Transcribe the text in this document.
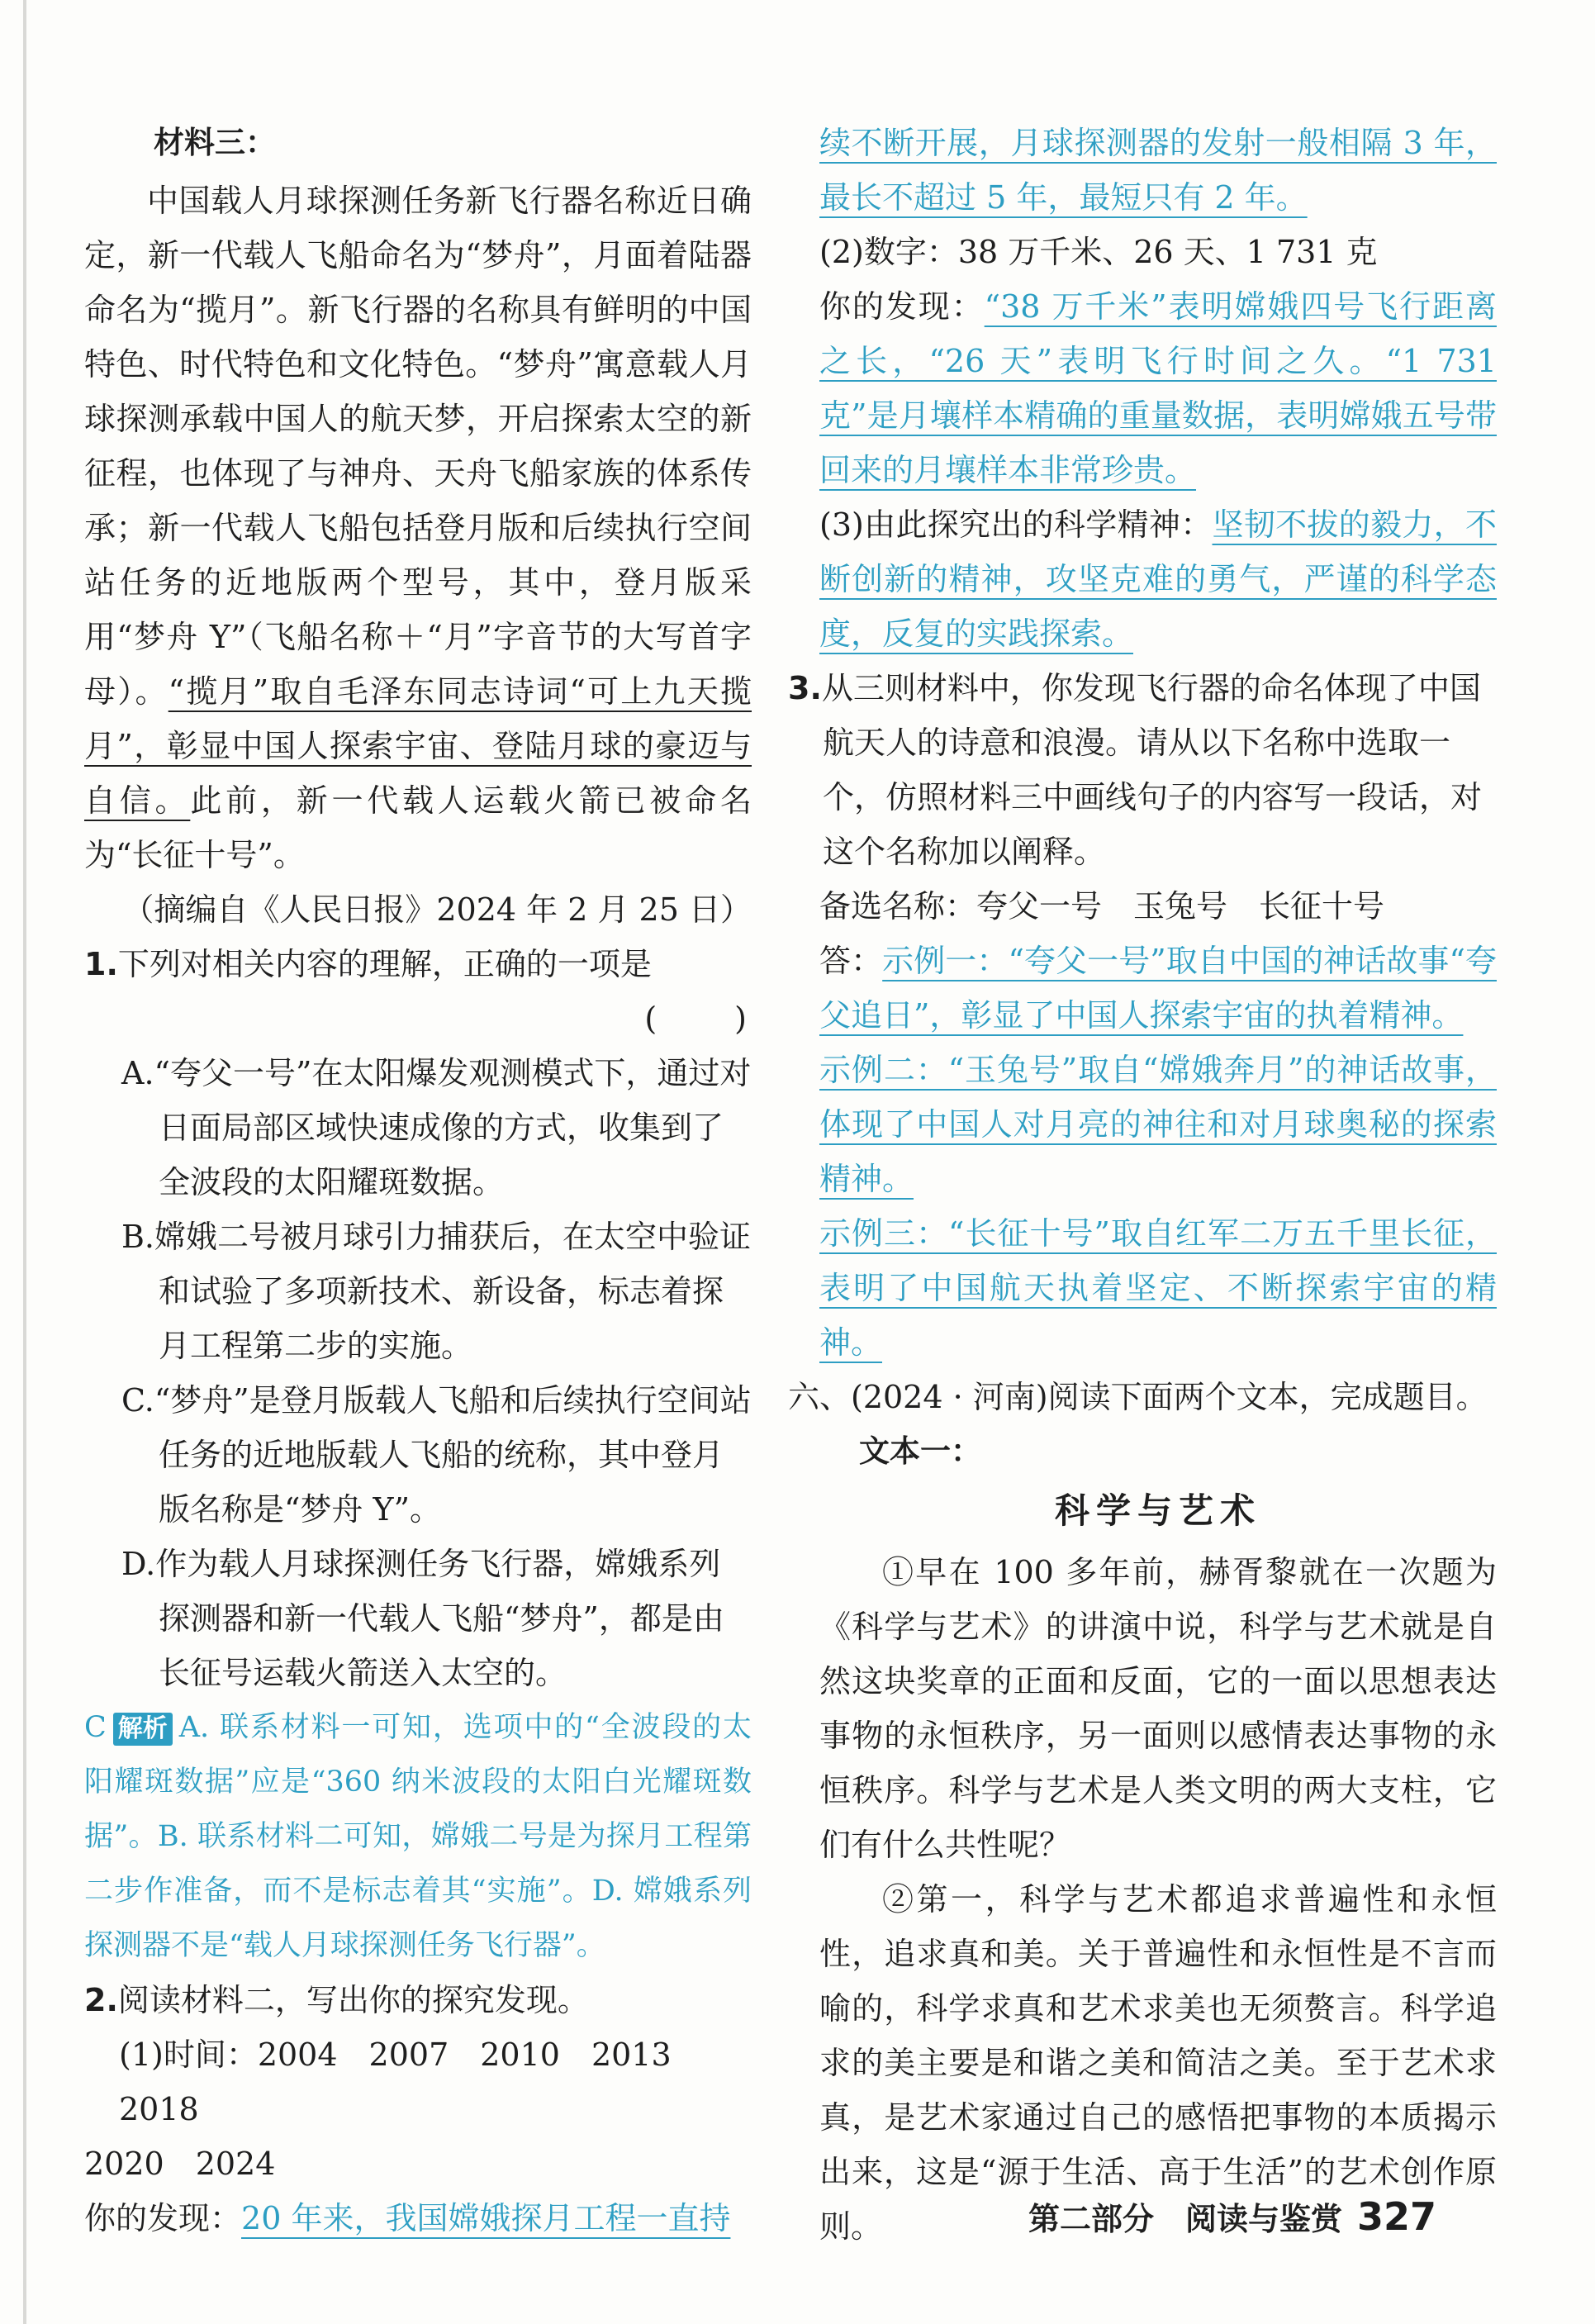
材料三：

中国载人月球探测任务新飞行器名称近日确定，新一代载人飞船命名为“梦舟”，月面着陆器命名为“揽月”。新飞行器的名称具有鲜明的中国特色、时代特色和文化特色。“梦舟”寓意载人月球探测承载中国人的航天梦，开启探索太空的新征程，也体现了与神舟、天舟飞船家族的体系传承；新一代载人飞船包括登月版和后续执行空间站任务的近地版两个型号，其中，登月版采用“梦舟 Y”（飞船名称＋“月”字音节的大写首字母）。“揽月”取自毛泽东同志诗词“可上九天揽月”，彰显中国人探索宇宙、登陆月球的豪迈与自信。此前，新一代载人运载火箭已被命名为“长征十号”。

（摘编自《人民日报》2024 年 2 月 25 日）

1.下列对相关内容的理解，正确的一项是

(　　)

A.“夸父一号”在太阳爆发观测模式下，通过对日面局部区域快速成像的方式，收集到了全波段的太阳耀斑数据。

B.嫦娥二号被月球引力捕获后，在太空中验证和试验了多项新技术、新设备，标志着探月工程第二步的实施。

C.“梦舟”是登月版载人飞船和后续执行空间站任务的近地版载人飞船的统称，其中登月版名称是“梦舟 Y”。

D.作为载人月球探测任务飞行器，嫦娥系列探测器和新一代载人飞船“梦舟”，都是由长征号运载火箭送入太空的。

C 解析 A. 联系材料一可知，选项中的“全波段的太阳耀斑数据”应是“360 纳米波段的太阳白光耀斑数据”。B. 联系材料二可知，嫦娥二号是为探月工程第二步作准备，而不是标志着其“实施”。D. 嫦娥系列探测器不是“载人月球探测任务飞行器”。

2.阅读材料二，写出你的探究发现。

(1)时间：2004　2007　2010　2013　2018

2020　2024

你的发现：20 年来，我国嫦娥探月工程一直持

续不断开展，月球探测器的发射一般相隔 3 年，最长不超过 5 年，最短只有 2 年。

(2)数字：38 万千米、26 天、1 731 克

你的发现：“38 万千米”表明嫦娥四号飞行距离之长，“26 天”表明飞行时间之久。“1 731 克”是月壤样本精确的重量数据，表明嫦娥五号带回来的月壤样本非常珍贵。

(3)由此探究出的科学精神：坚韧不拔的毅力，不断创新的精神，攻坚克难的勇气，严谨的科学态度，反复的实践探索。

3.从三则材料中，你发现飞行器的命名体现了中国航天人的诗意和浪漫。请从以下名称中选取一个，仿照材料三中画线句子的内容写一段话，对这个名称加以阐释。

备选名称：夸父一号　玉兔号　长征十号

答：示例一：“夸父一号”取自中国的神话故事“夸父追日”，彰显了中国人探索宇宙的执着精神。

示例二：“玉兔号”取自“嫦娥奔月”的神话故事，体现了中国人对月亮的神往和对月球奥秘的探索精神。

示例三：“长征十号”取自红军二万五千里长征，表明了中国航天执着坚定、不断探索宇宙的精神。

六、(2024 · 河南)阅读下面两个文本，完成题目。

文本一：

科学与艺术

①早在 100 多年前，赫胥黎就在一次题为《科学与艺术》的讲演中说，科学与艺术就是自然这块奖章的正面和反面，它的一面以思想表达事物的永恒秩序，另一面则以感情表达事物的永恒秩序。科学与艺术是人类文明的两大支柱，它们有什么共性呢？

②第一，科学与艺术都追求普遍性和永恒性，追求真和美。关于普遍性和永恒性是不言而喻的，科学求真和艺术求美也无须赘言。科学追求的美主要是和谐之美和简洁之美。至于艺术求真，是艺术家通过自己的感悟把事物的本质揭示出来，这是“源于生活、高于生活”的艺术创作原则。	第二部分　阅读与鉴赏 327
